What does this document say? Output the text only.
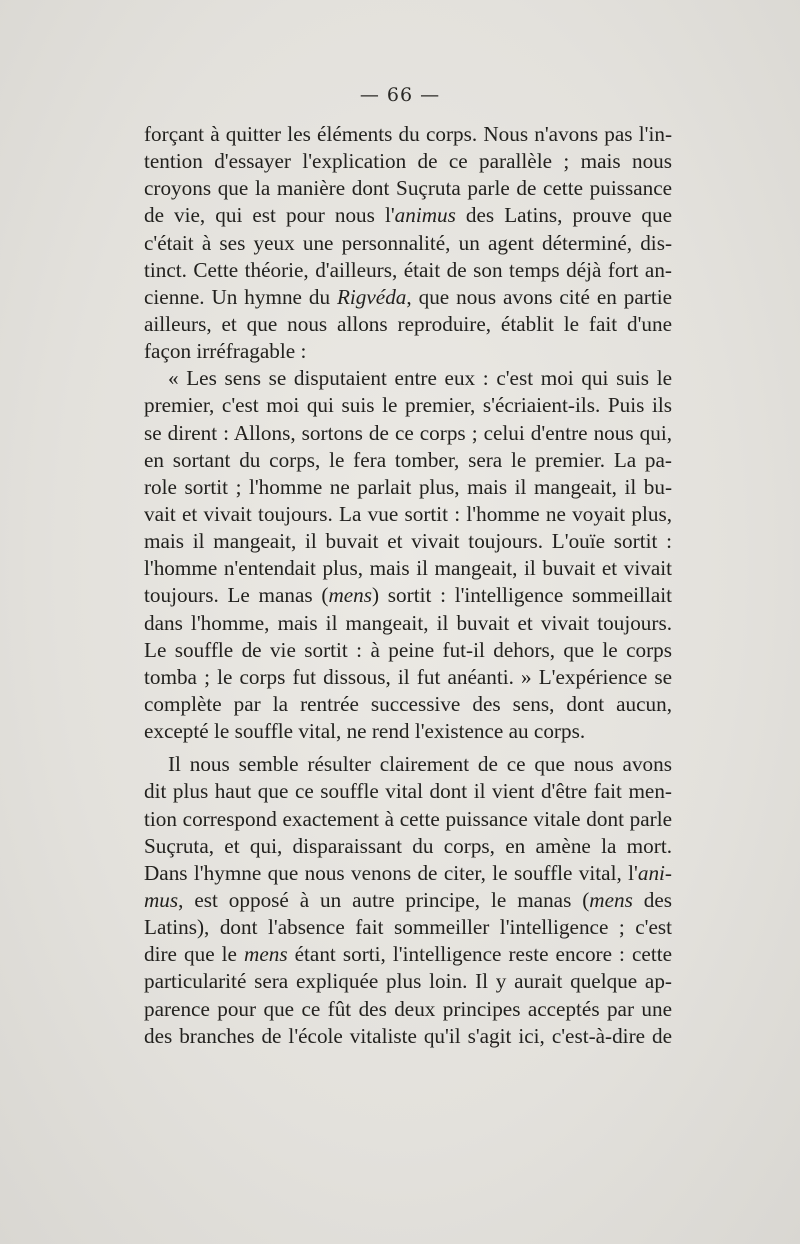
— 66 —
forçant à quitter les éléments du corps. Nous n'avons pas l'in-
tention d'essayer l'explication de ce parallèle ; mais nous
croyons que la manière dont Suçruta parle de cette puissance
de vie, qui est pour nous l'animus des Latins, prouve que
c'était à ses yeux une personnalité, un agent déterminé, dis-
tinct. Cette théorie, d'ailleurs, était de son temps déjà fort an-
cienne. Un hymne du Rigvéda, que nous avons cité en partie
ailleurs, et que nous allons reproduire, établit le fait d'une
façon irréfragable :
« Les sens se disputaient entre eux : c'est moi qui suis le
premier, c'est moi qui suis le premier, s'écriaient-ils. Puis ils
se dirent : Allons, sortons de ce corps ; celui d'entre nous qui,
en sortant du corps, le fera tomber, sera le premier. La pa-
role sortit ; l'homme ne parlait plus, mais il mangeait, il bu-
vait et vivait toujours. La vue sortit : l'homme ne voyait plus,
mais il mangeait, il buvait et vivait toujours. L'ouïe sortit :
l'homme n'entendait plus, mais il mangeait, il buvait et vivait
toujours. Le manas (mens) sortit : l'intelligence sommeillait
dans l'homme, mais il mangeait, il buvait et vivait toujours.
Le souffle de vie sortit : à peine fut-il dehors, que le corps
tomba ; le corps fut dissous, il fut anéanti. » L'expérience se
complète par la rentrée successive des sens, dont aucun,
excepté le souffle vital, ne rend l'existence au corps.
Il nous semble résulter clairement de ce que nous avons
dit plus haut que ce souffle vital dont il vient d'être fait men-
tion correspond exactement à cette puissance vitale dont parle
Suçruta, et qui, disparaissant du corps, en amène la mort.
Dans l'hymne que nous venons de citer, le souffle vital, l'ani-
mus, est opposé à un autre principe, le manas (mens des
Latins), dont l'absence fait sommeiller l'intelligence ; c'est
dire que le mens étant sorti, l'intelligence reste encore : cette
particularité sera expliquée plus loin. Il y aurait quelque ap-
parence pour que ce fût des deux principes acceptés par une
des branches de l'école vitaliste qu'il s'agit ici, c'est-à-dire de
